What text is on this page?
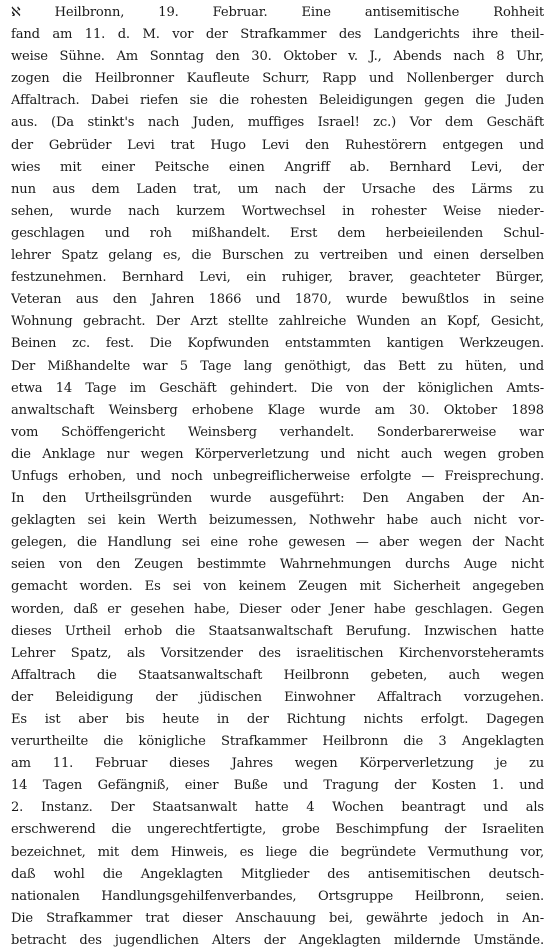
ℵ Heilbronn, 19. Februar. Eine antisemitische Rohheit
fand am 11. d. M. vor der Strafkammer des Landgerichts ihre theil-
weise Sühne. Am Sonntag den 30. Oktober v. J., Abends nach 8 Uhr,
zogen die Heilbronner Kaufleute Schurr, Rapp und Nollenberger durch
Affaltrach. Dabei riefen sie die rohesten Beleidigungen gegen die Juden
aus. (Da stinkt's nach Juden, muffiges Israel! zc.) Vor dem Geschäft
der Gebrüder Levi trat Hugo Levi den Ruhestörern entgegen und
wies mit einer Peitsche einen Angriff ab. Bernhard Levi, der
nun aus dem Laden trat, um nach der Ursache des Lärms zu
sehen, wurde nach kurzem Wortwechsel in rohester Weise nieder-
geschlagen und roh mißhandelt. Erst dem herbeieilenden Schul-
lehrer Spatz gelang es, die Burschen zu vertreiben und einen derselben
festzunehmen. Bernhard Levi, ein ruhiger, braver, geachteter Bürger,
Veteran aus den Jahren 1866 und 1870, wurde bewußtlos in seine
Wohnung gebracht. Der Arzt stellte zahlreiche Wunden an Kopf, Gesicht,
Beinen zc. fest. Die Kopfwunden entstammten kantigen Werkzeugen.
Der Mißhandelte war 5 Tage lang genöthigt, das Bett zu hüten, und
etwa 14 Tage im Geschäft gehindert. Die von der königlichen Amts-
anwaltschaft Weinsberg erhobene Klage wurde am 30. Oktober 1898
vom Schöffengericht Weinsberg verhandelt. Sonderbarerweise war
die Anklage nur wegen Körperverletzung und nicht auch wegen groben
Unfugs erhoben, und noch unbegreiflicherweise erfolgte — Freisprechung.
In den Urtheilsgründen wurde ausgeführt: Den Angaben der An-
geklagten sei kein Werth beizumessen, Nothwehr habe auch nicht vor-
gelegen, die Handlung sei eine rohe gewesen — aber wegen der Nacht
seien von den Zeugen bestimmte Wahrnehmungen durchs Auge nicht
gemacht worden. Es sei von keinem Zeugen mit Sicherheit angegeben
worden, daß er gesehen habe, Dieser oder Jener habe geschlagen. Gegen
dieses Urtheil erhob die Staatsanwaltschaft Berufung. Inzwischen hatte
Lehrer Spatz, als Vorsitzender des israelitischen Kirchenvorsteheramts
Affaltrach die Staatsanwaltschaft Heilbronn gebeten, auch wegen
der Beleidigung der jüdischen Einwohner Affaltrach vorzugehen.
Es ist aber bis heute in der Richtung nichts erfolgt. Dagegen
verurtheilte die königliche Strafkammer Heilbronn die 3 Angeklagten
am 11. Februar dieses Jahres wegen Körperverletzung je zu
14 Tagen Gefängniß, einer Buße und Tragung der Kosten 1. und
2. Instanz. Der Staatsanwalt hatte 4 Wochen beantragt und als
erschwerend die ungerechtfertigte, grobe Beschimpfung der Israeliten
bezeichnet, mit dem Hinweis, es liege die begründete Vermuthung vor,
daß wohl die Angeklagten Mitglieder des antisemitischen deutsch-
nationalen Handlungsgehilfenverbandes, Ortsgruppe Heilbronn, seien.
Die Strafkammer trat dieser Anschauung bei, gewährte jedoch in An-
betracht des jugendlichen Alters der Angeklagten mildernde Umstände.
